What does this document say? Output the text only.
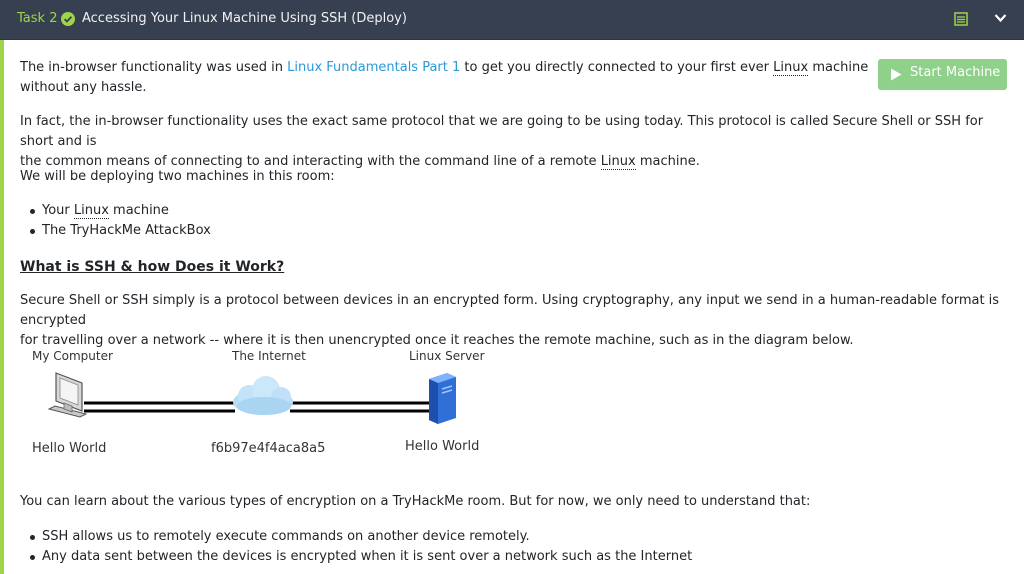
Task 2 Accessing Your Linux Machine Using SSH (Deploy)
Start Machine

The in-browser functionality was used in Linux Fundamentals Part 1 to get you directly connected to your first ever Linux machine
without any hassle.

In fact, the in-browser functionality uses the exact same protocol that we are going to be using today. This protocol is called Secure Shell or SSH for short and is
the common means of connecting to and interacting with the command line of a remote Linux machine.

We will be deploying two machines in this room:

Your Linux machine
The TryHackMe AttackBox
What is SSH & how Does it Work?

Secure Shell or SSH simply is a protocol between devices in an encrypted form. Using cryptography, any input we send in a human-readable format is encrypted
for travelling over a network -- where it is then unencrypted once it reaches the remote machine, such as in the diagram below.

You can learn about the various types of encryption on a TryHackMe room. But for now, we only need to understand that:

SSH allows us to remotely execute commands on another device remotely.
Any data sent between the devices is encrypted when it is sent over a network such as the Internet
My Computer	The Internet	Linux Server
Hello World	f6b97e4f4aca8a5	Hello World
